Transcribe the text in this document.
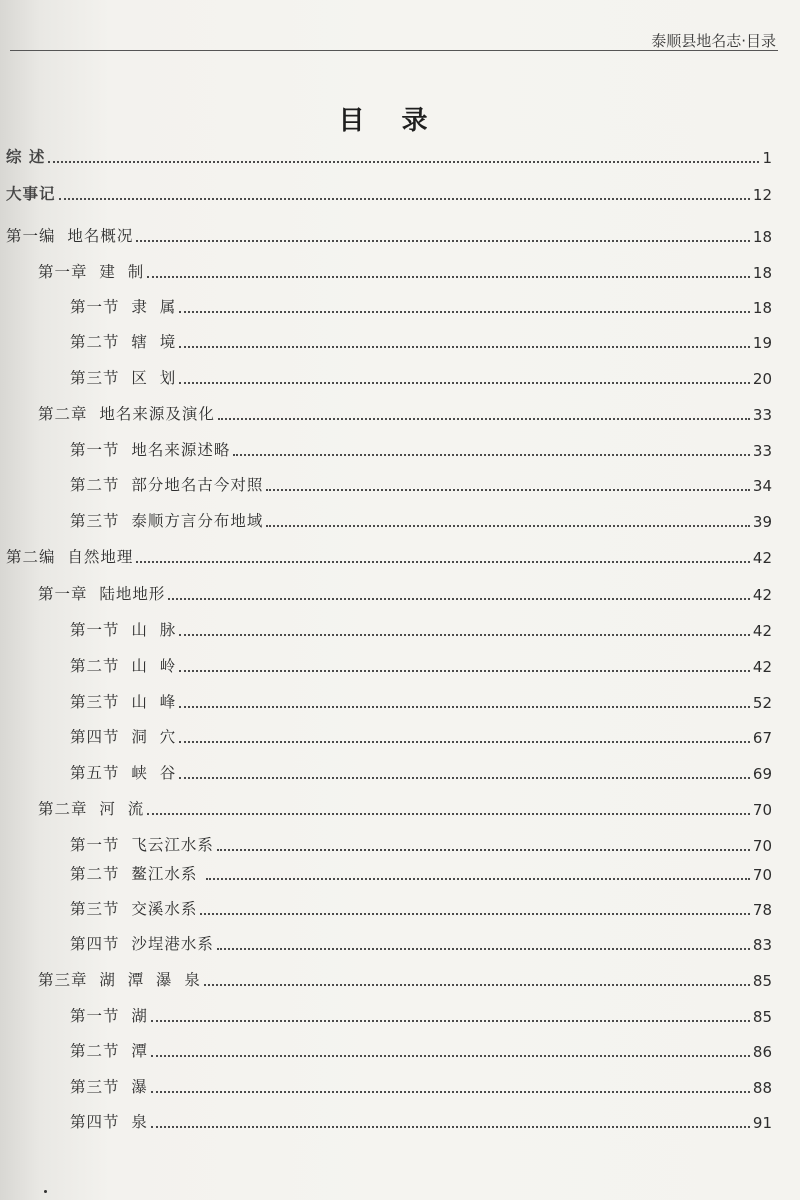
泰顺县地名志·目录
目 录
综 述	1
大事记	12
第一编  地名概况	18
第一章  建  制	18
第一节  隶  属	18
第二节  辖  境	19
第三节  区  划	20
第二章  地名来源及演化	33
第一节  地名来源述略	33
第二节  部分地名古今对照	34
第三节  泰顺方言分布地域	39
第二编  自然地理	42
第一章  陆地地形	42
第一节  山  脉	42
第二节  山  岭	42
第三节  山  峰	52
第四节  洞  穴	67
第五节  峡  谷	69
第二章  河  流	70
第一节  飞云江水系	70
第二节  鳌江水系	70
第三节  交溪水系	78
第四节  沙埕港水系	83
第三章  湖  潭  瀑  泉	85
第一节  湖	85
第二节  潭	86
第三节  瀑	88
第四节  泉	91
